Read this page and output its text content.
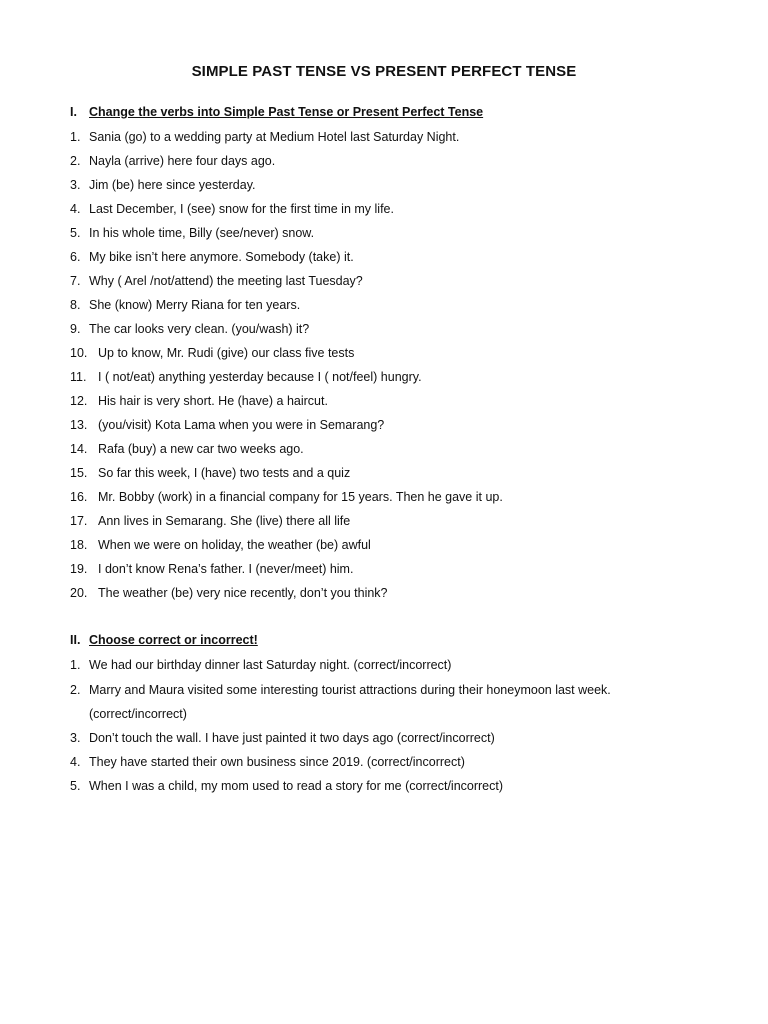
SIMPLE PAST TENSE VS PRESENT PERFECT TENSE
I. Change the verbs into Simple Past Tense or Present Perfect Tense
1. Sania (go) to a wedding party at Medium Hotel last Saturday Night.
2. Nayla (arrive) here four days ago.
3. Jim (be) here since yesterday.
4. Last December, I (see) snow for the first time in my life.
5. In his whole time, Billy (see/never) snow.
6. My bike isn’t here anymore. Somebody (take) it.
7. Why ( Arel /not/attend) the meeting last Tuesday?
8. She (know) Merry Riana for ten years.
9. The car looks very clean. (you/wash) it?
10. Up to know, Mr. Rudi (give) our class five tests
11. I ( not/eat) anything yesterday because I ( not/feel) hungry.
12. His hair is very short. He (have) a haircut.
13. (you/visit) Kota Lama when you were in Semarang?
14. Rafa (buy) a new car two weeks ago.
15. So far this week, I (have) two tests and a quiz
16. Mr. Bobby (work) in a financial company for 15 years. Then he gave it up.
17. Ann lives in Semarang. She (live) there all life
18. When we were on holiday, the weather (be) awful
19. I don’t know Rena’s father. I (never/meet) him.
20. The weather (be) very nice recently, don’t you think?
II. Choose correct or incorrect!
1. We had our birthday dinner last Saturday night. (correct/incorrect)
2. Marry and Maura visited some interesting tourist attractions during their honeymoon last week.
(correct/incorrect)
3. Don’t touch the wall. I have just painted it two days ago (correct/incorrect)
4. They have started their own business since 2019. (correct/incorrect)
5. When I was a child, my mom used to read a story for me (correct/incorrect)
